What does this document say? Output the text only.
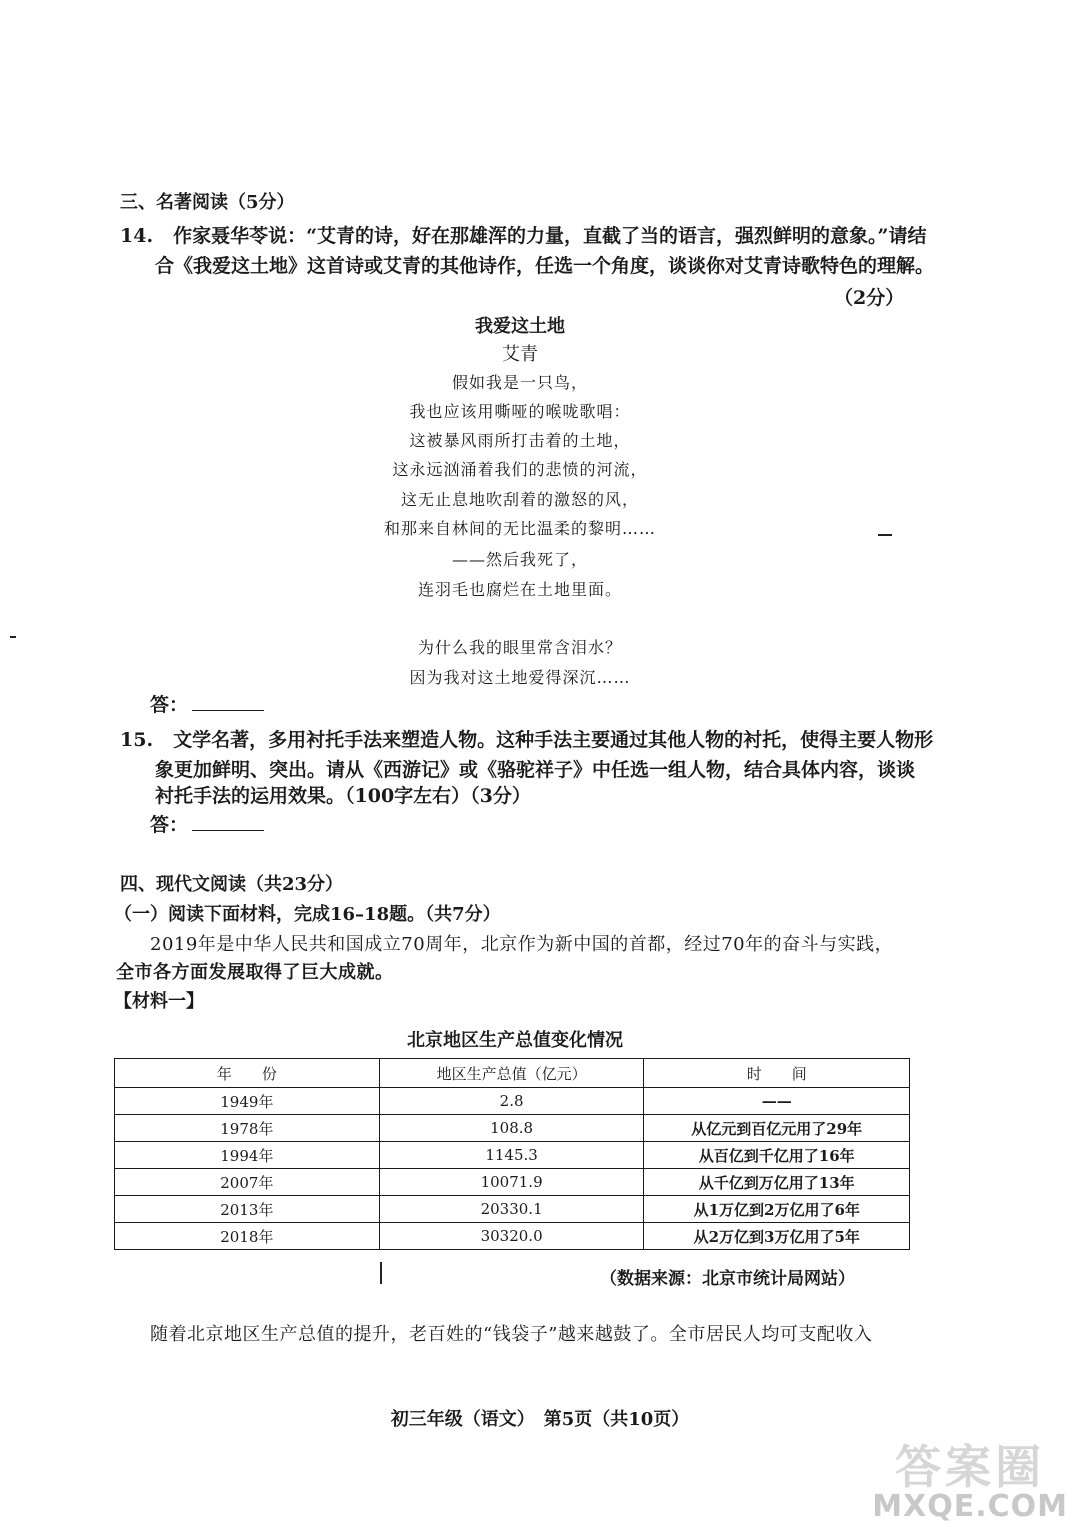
三、名著阅读（5分）
14. 作家聂华苓说：“艾青的诗，好在那雄浑的力量，直截了当的语言，强烈鲜明的意象。”请结
合《我爱这土地》这首诗或艾青的其他诗作，任选一个角度，谈谈你对艾青诗歌特色的理解。
（2分）
我爱这土地
艾青
假如我是一只鸟，
我也应该用嘶哑的喉咙歌唱：
这被暴风雨所打击着的土地，
这永远汹涌着我们的悲愤的河流，
这无止息地吹刮着的激怒的风，
和那来自林间的无比温柔的黎明……
——然后我死了，
连羽毛也腐烂在土地里面。
为什么我的眼里常含泪水？
因为我对这土地爱得深沉……
答：
15. 文学名著，多用衬托手法来塑造人物。这种手法主要通过其他人物的衬托，使得主要人物形
象更加鲜明、突出。请从《西游记》或《骆驼祥子》中任选一组人物，结合具体内容，谈谈
衬托手法的运用效果。（100字左右）（3分）
答：
四、现代文阅读（共23分）
（一）阅读下面材料，完成16–18题。（共7分）
2019年是中华人民共和国成立70周年，北京作为新中国的首都，经过70年的奋斗与实践，
全市各方面发展取得了巨大成就。
【材料一】
北京地区生产总值变化情况
年　　份	地区生产总值（亿元）	时　　间
1949年	2.8	——
1978年	108.8	从亿元到百亿元用了29年
1994年	1145.3	从百亿到千亿用了16年
2007年	10071.9	从千亿到万亿用了13年
2013年	20330.1	从1万亿到2万亿用了6年
2018年	30320.0	从2万亿到3万亿用了5年
（数据来源：北京市统计局网站）
随着北京地区生产总值的提升，老百姓的“钱袋子”越来越鼓了。全市居民人均可支配收入
初三年级（语文）　第5页（共10页）
答案圈
MXQE.COM
